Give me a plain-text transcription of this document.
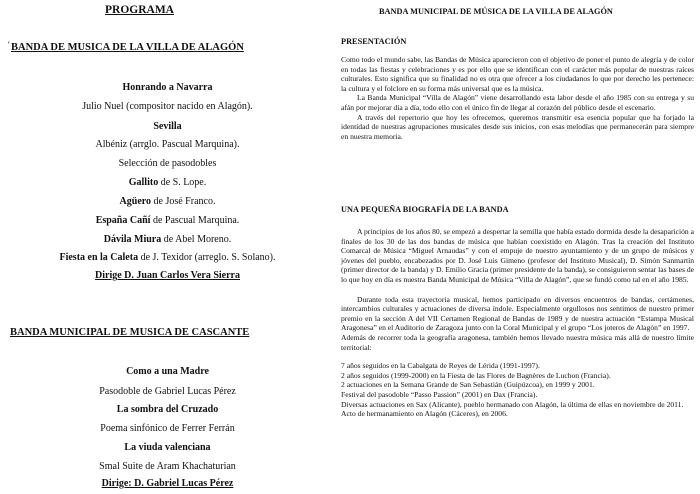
PROGRAMA
' BANDA DE MUSICA DE LA VILLA DE ALAGÓN
Honrando a Navarra
Julio Nuel (compositor nacido en Alagón).
Sevilla
Albéniz (arrglo. Pascual Marquina).
Selección de pasodobles
Gallito de S. Lope.
Agüero de José Franco.
España Cañí de Pascual Marquina.
Dávila Miura de Abel Moreno.
Fiesta en la Caleta de J. Texidor (arreglo. S. Solano).
Dirige D. Juan Carlos Vera Sierra
BANDA MUNICIPAL DE MUSICA DE CASCANTE
Como a una Madre
Pasodoble de Gabriel Lucas Pérez
La sombra del Cruzado
Poema sinfónico de Ferrer Ferrán
La viuda valenciana
Smal Suite de Aram Khachaturian
Dirige: D. Gabriel Lucas Pérez
BANDA MUNICIPAL DE MÚSICA DE LA VILLA DE ALAGÓN
PRESENTACIÓN

Como todo el mundo sabe, las Bandas de Música aparecieron con el objetivo de poner el punto de alegría y de color en todas las fiestas y celebraciones y es por ello que se identifican con el carácter más popular de nuestras raíces culturales. Esto significa que su finalidad no es otra que ofrecer a los ciudadanos lo que por derecho les pertenece: la cultura y el folclore en su forma más universal que es la música.

La Banda Municipal “Villa de Alagón” viene desarrollando esta labor desde el año 1985 con su entrega y su afán por mejorar día a día, todo ello con el único fin de llegar al corazón del público desde el escenario.

A través del repertorio que hoy les ofrecemos, queremos transmitir esa esencia popular que ha forjado la identidad de nuestras agrupaciones musicales desde sus inicios, con esas melodías que permanecerán para siempre en nuestra memoria.

UNA PEQUEÑA BIOGRAFÍA DE LA BANDA

A principios de los años 80, se empezó a despertar la semilla que había estado dormida desde la desaparición a finales de los 30 de las dos bandas de música que habían coexistido en Alagón. Tras la creación del Instituto Comarcal de Música “Miguel Arnaudas” y con el empuje de nuestro ayuntamiento y de un grupo de músicos y jóvenes del pueblo, encabezados por D. José Luis Gimeno (profesor del Instituto Musical), D. Simón Sanmartín (primer director de la banda) y D. Emilio Gracia (primer presidente de la banda), se consiguieron sentar las bases de lo que hoy en día es nuestra Banda Municipal de Música “Villa de Alagón”, que se fundó como tal en el año 1985.

Durante toda esta trayectoria musical, hemos participado en diversos encuentros de bandas, certámenes, intercambios culturales y actuaciones de diversa índole. Especialmente orgullosos nos sentimos de nuestro primer premio en la sección A del VII Certamen Regional de Bandas de 1989 y de nuestra actuación “Estampa Musical Aragonesa” en el Auditorio de Zaragoza junto con la Coral Municipal y el grupo “Los joteros de Alagón” en 1997.

Además de recorrer toda la geografía aragonesa, también hemos llevado nuestra música más allá de nuestro límite territorial:

7 años seguidos en la Cabalgata de Reyes de Lérida (1991-1997).

2 años seguidos (1999-2000) en la Fiesta de las Flores de Bagnères de Luchon (Francia).

2 actuaciones en la Semana Grande de San Sebastián (Guipúzcoa), en 1999 y 2001.

Festival del pasodoble “Passo Passion” (2001) en Dax (Francia).

Diversas actuaciones en Sax (Alicante), pueblo hermanado con Alagón, la última de ellas en noviembre de 2011.

Acto de hermanamiento en Alagón (Cáceres), en 2006.
